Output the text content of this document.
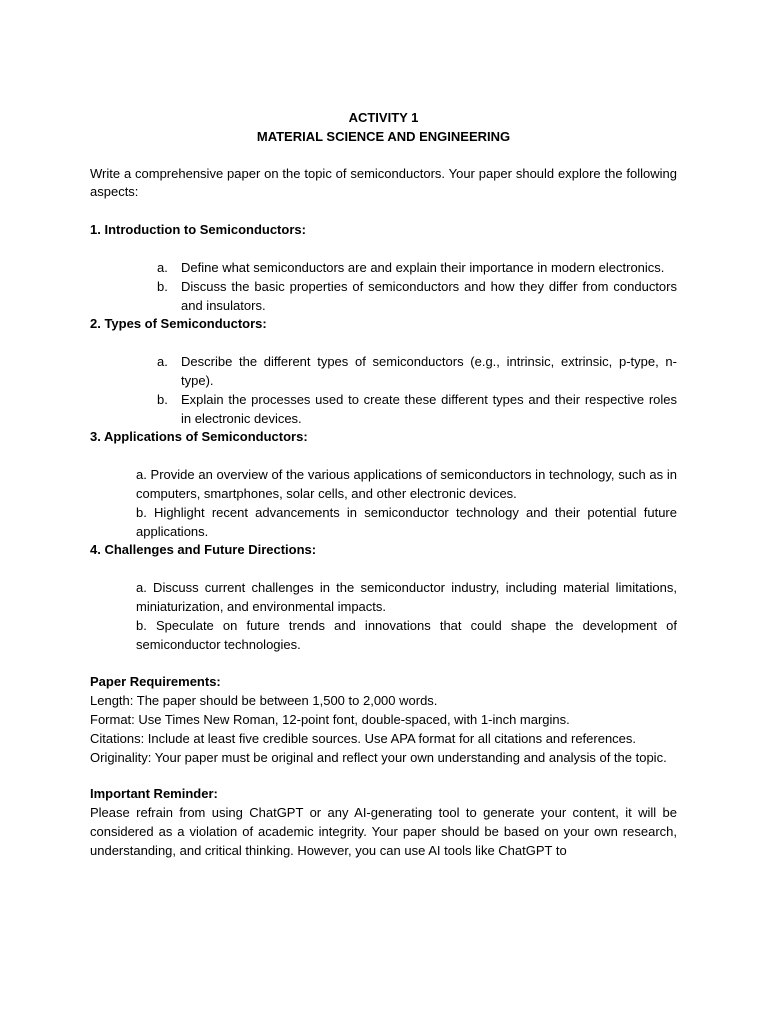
ACTIVITY 1

MATERIAL SCIENCE AND ENGINEERING

Write a comprehensive paper on the topic of semiconductors. Your paper should explore the following aspects:

1. Introduction to Semiconductors:

a. Define what semiconductors are and explain their importance in modern electronics.
b. Discuss the basic properties of semiconductors and how they differ from conductors and insulators.

2. Types of Semiconductors:

a. Describe the different types of semiconductors (e.g., intrinsic, extrinsic, p-type, n-type).
b. Explain the processes used to create these different types and their respective roles in electronic devices.

3. Applications of Semiconductors:

a. Provide an overview of the various applications of semiconductors in technology, such as in computers, smartphones, solar cells, and other electronic devices.

b. Highlight recent advancements in semiconductor technology and their potential future applications.

4. Challenges and Future Directions:

a. Discuss current challenges in the semiconductor industry, including material limitations, miniaturization, and environmental impacts.

b. Speculate on future trends and innovations that could shape the development of semiconductor technologies.

Paper Requirements:

Length: The paper should be between 1,500 to 2,000 words.

Format: Use Times New Roman, 12-point font, double-spaced, with 1-inch margins.

Citations: Include at least five credible sources. Use APA format for all citations and references.

Originality: Your paper must be original and reflect your own understanding and analysis of the topic.

Important Reminder:

Please refrain from using ChatGPT or any AI-generating tool to generate your content, it will be considered as a violation of academic integrity. Your paper should be based on your own research, understanding, and critical thinking. However, you can use AI tools like ChatGPT to
